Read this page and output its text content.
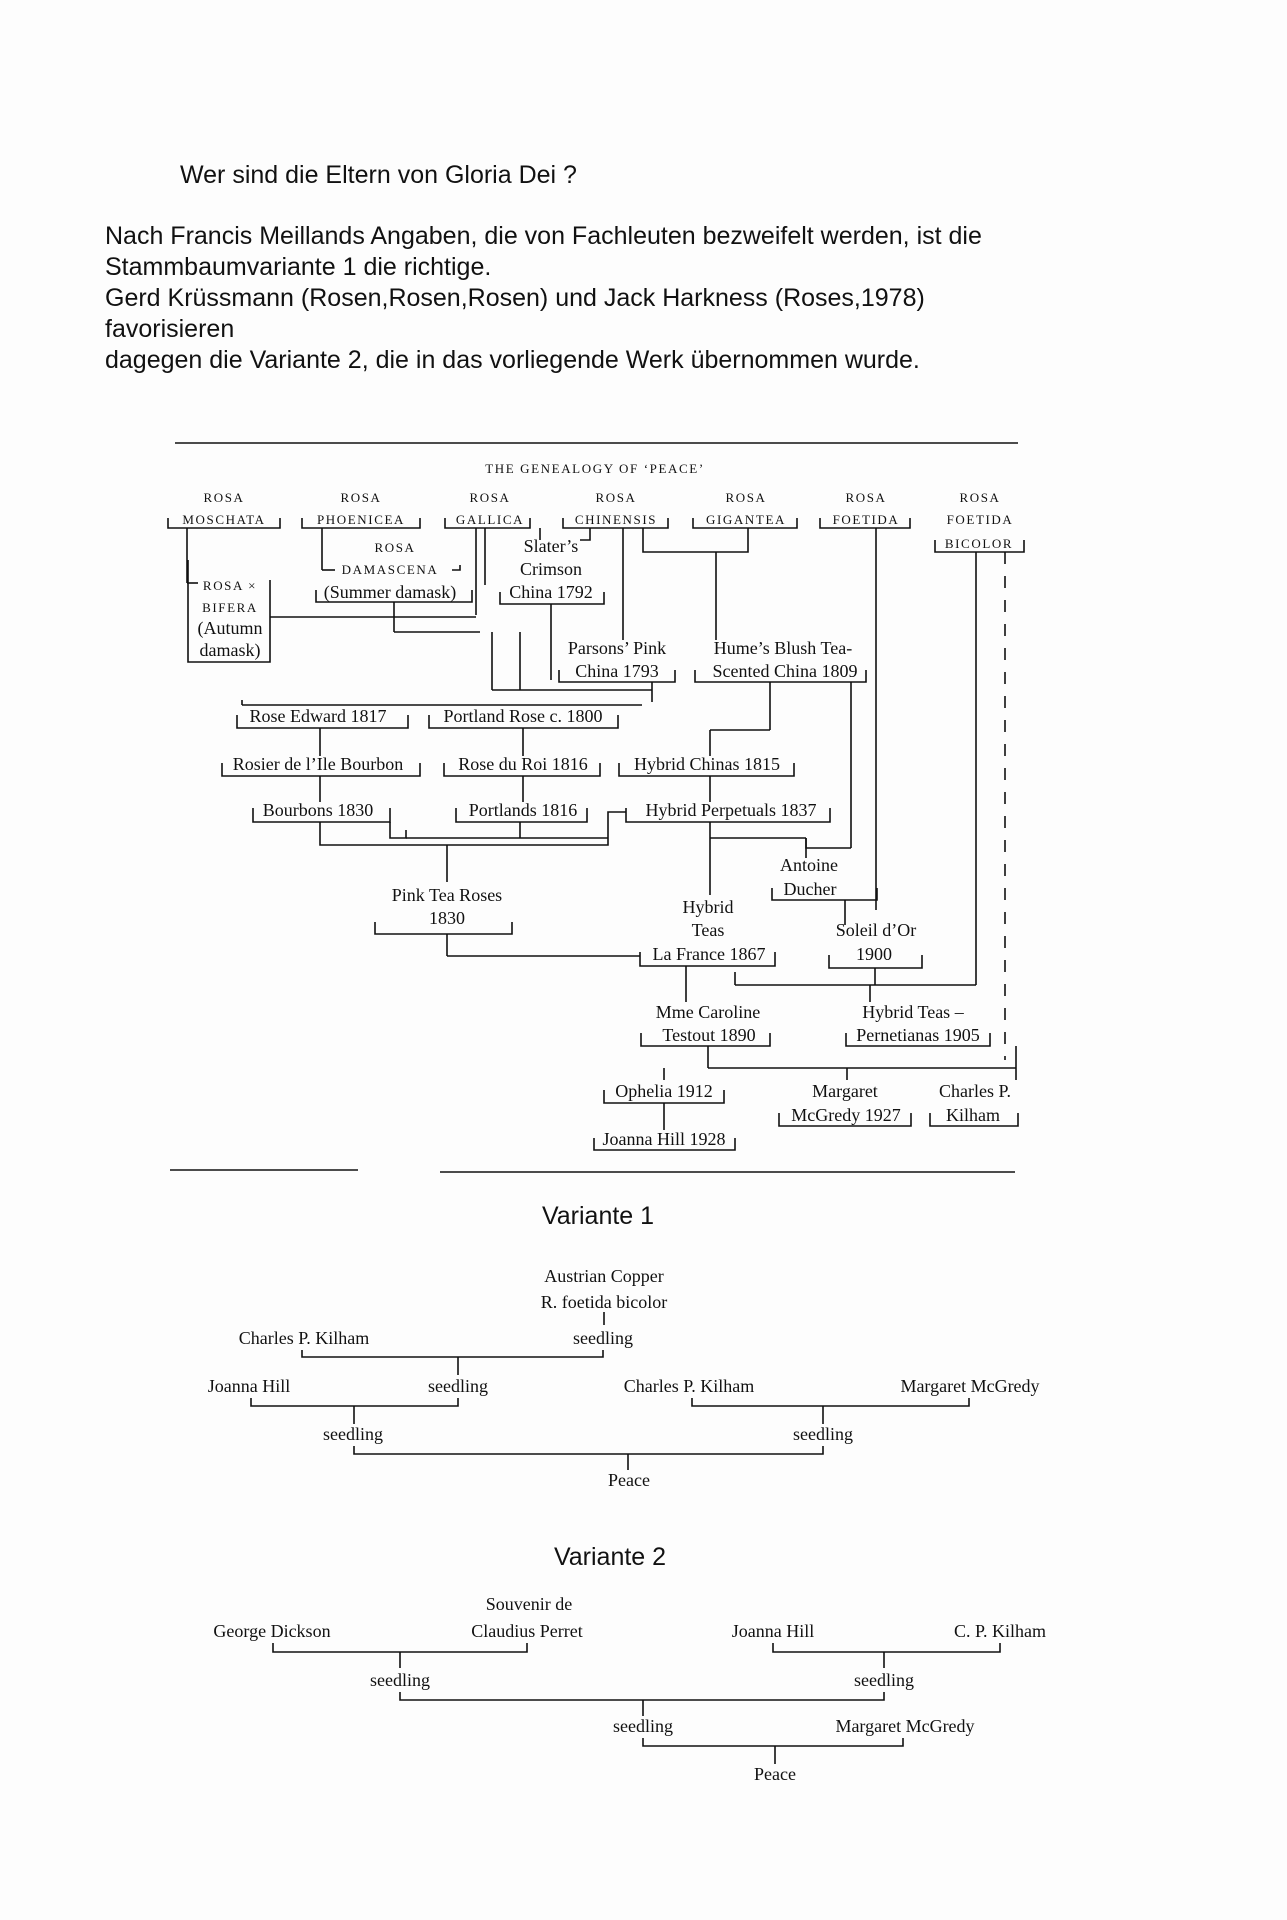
Wer sind die Eltern von Gloria Dei ?
Nach Francis Meillands Angaben, die von Fachleuten bezweifelt werden, ist die
Stammbaumvariante 1 die richtige.
Gerd Krüssmann (Rosen,Rosen,Rosen) und Jack Harkness (Roses,1978)
favorisieren
dagegen die Variante 2, die in das vorliegende Werk übernommen wurde.
THE GENEALOGY OF ‘PEACE’
ROSA
MOSCHATA
ROSA
PHOENICEA
ROSA
GALLICA
ROSA
CHINENSIS
ROSA
GIGANTEA
ROSA
FOETIDA
ROSA
FOETIDA
BICOLOR
ROSA
DAMASCENA
(Summer damask)
ROSA ×
BIFERA
(Autumn
damask)
Slater’s
Crimson
China 1792
Parsons’ Pink
China 1793
Hume’s Blush Tea-
Scented China 1809
Rose Edward 1817	Portland Rose c. 1800
Rosier de l’Ile Bourbon	Rose du Roi 1816	Hybrid Chinas 1815
Bourbons 1830	Portlands 1816	Hybrid Perpetuals 1837
Antoine
Ducher
Pink Tea Roses
1830
Hybrid
Teas	Soleil d’Or
1900
La France 1867
Mme Caroline
Testout 1890
Hybrid Teas –
Pernetianas 1905
Ophelia 1912	Margaret
McGredy 1927
Charles P.
Kilham
Joanna Hill 1928
Variante 1
Austrian Copper
R. foetida bicolor
Charles P. Kilham	seedling
Joanna Hill	seedling	Charles P. Kilham	Margaret McGredy
seedling	seedling
Peace
Variante 2
Souvenir de
Claudius Perret
George Dickson	Joanna Hill	C. P. Kilham
seedling	seedling
seedling	Margaret McGredy
Peace
